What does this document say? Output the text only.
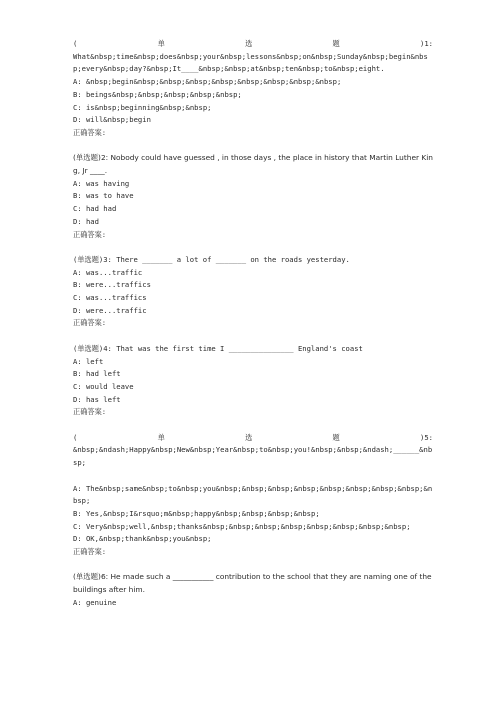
(	单	选	题	)1:
What&nbsp;time&nbsp;does&nbsp;your&nbsp;lessons&nbsp;on&nbsp;Sunday&nbsp;begin&nbsp;every&nbsp;day?&nbsp;It____&nbsp;&nbsp;at&nbsp;ten&nbsp;to&nbsp;eight.
A: &nbsp;begin&nbsp;&nbsp;&nbsp;&nbsp;&nbsp;&nbsp;&nbsp;&nbsp;
B: beings&nbsp;&nbsp;&nbsp;&nbsp;&nbsp;
C: is&nbsp;beginning&nbsp;&nbsp;
D: will&nbsp;begin
正确答案:
(单选题)2: Nobody could have guessed , in those days , the place in history that Martin Luther King, Jr ____.
A: was having
B: was to have
C: had had
D: had
正确答案:
(单选题)3: There _______ a lot of _______ on the roads yesterday.
A: was...traffic
B: were...traffics
C: was...traffics
D: were...traffic
正确答案:
(单选题)4: That was the first time I _______________ England's coast
A: left
B: had left
C: would leave
D: has left
正确答案:
(	单	选	题	)5:
&nbsp;&ndash;Happy&nbsp;New&nbsp;Year&nbsp;to&nbsp;you!&nbsp;&nbsp;&ndash;______&nbsp;
A: The&nbsp;same&nbsp;to&nbsp;you&nbsp;&nbsp;&nbsp;&nbsp;&nbsp;&nbsp;&nbsp;&nbsp;&nbsp;
B: Yes,&nbsp;I&rsquo;m&nbsp;happy&nbsp;&nbsp;&nbsp;&nbsp;
C: Very&nbsp;well,&nbsp;thanks&nbsp;&nbsp;&nbsp;&nbsp;&nbsp;&nbsp;&nbsp;&nbsp;
D: OK,&nbsp;thank&nbsp;you&nbsp;
正确答案:
(单选题)6: He made such a ___________ contribution to the school that they are naming one of the buildings after him.
A: genuine
